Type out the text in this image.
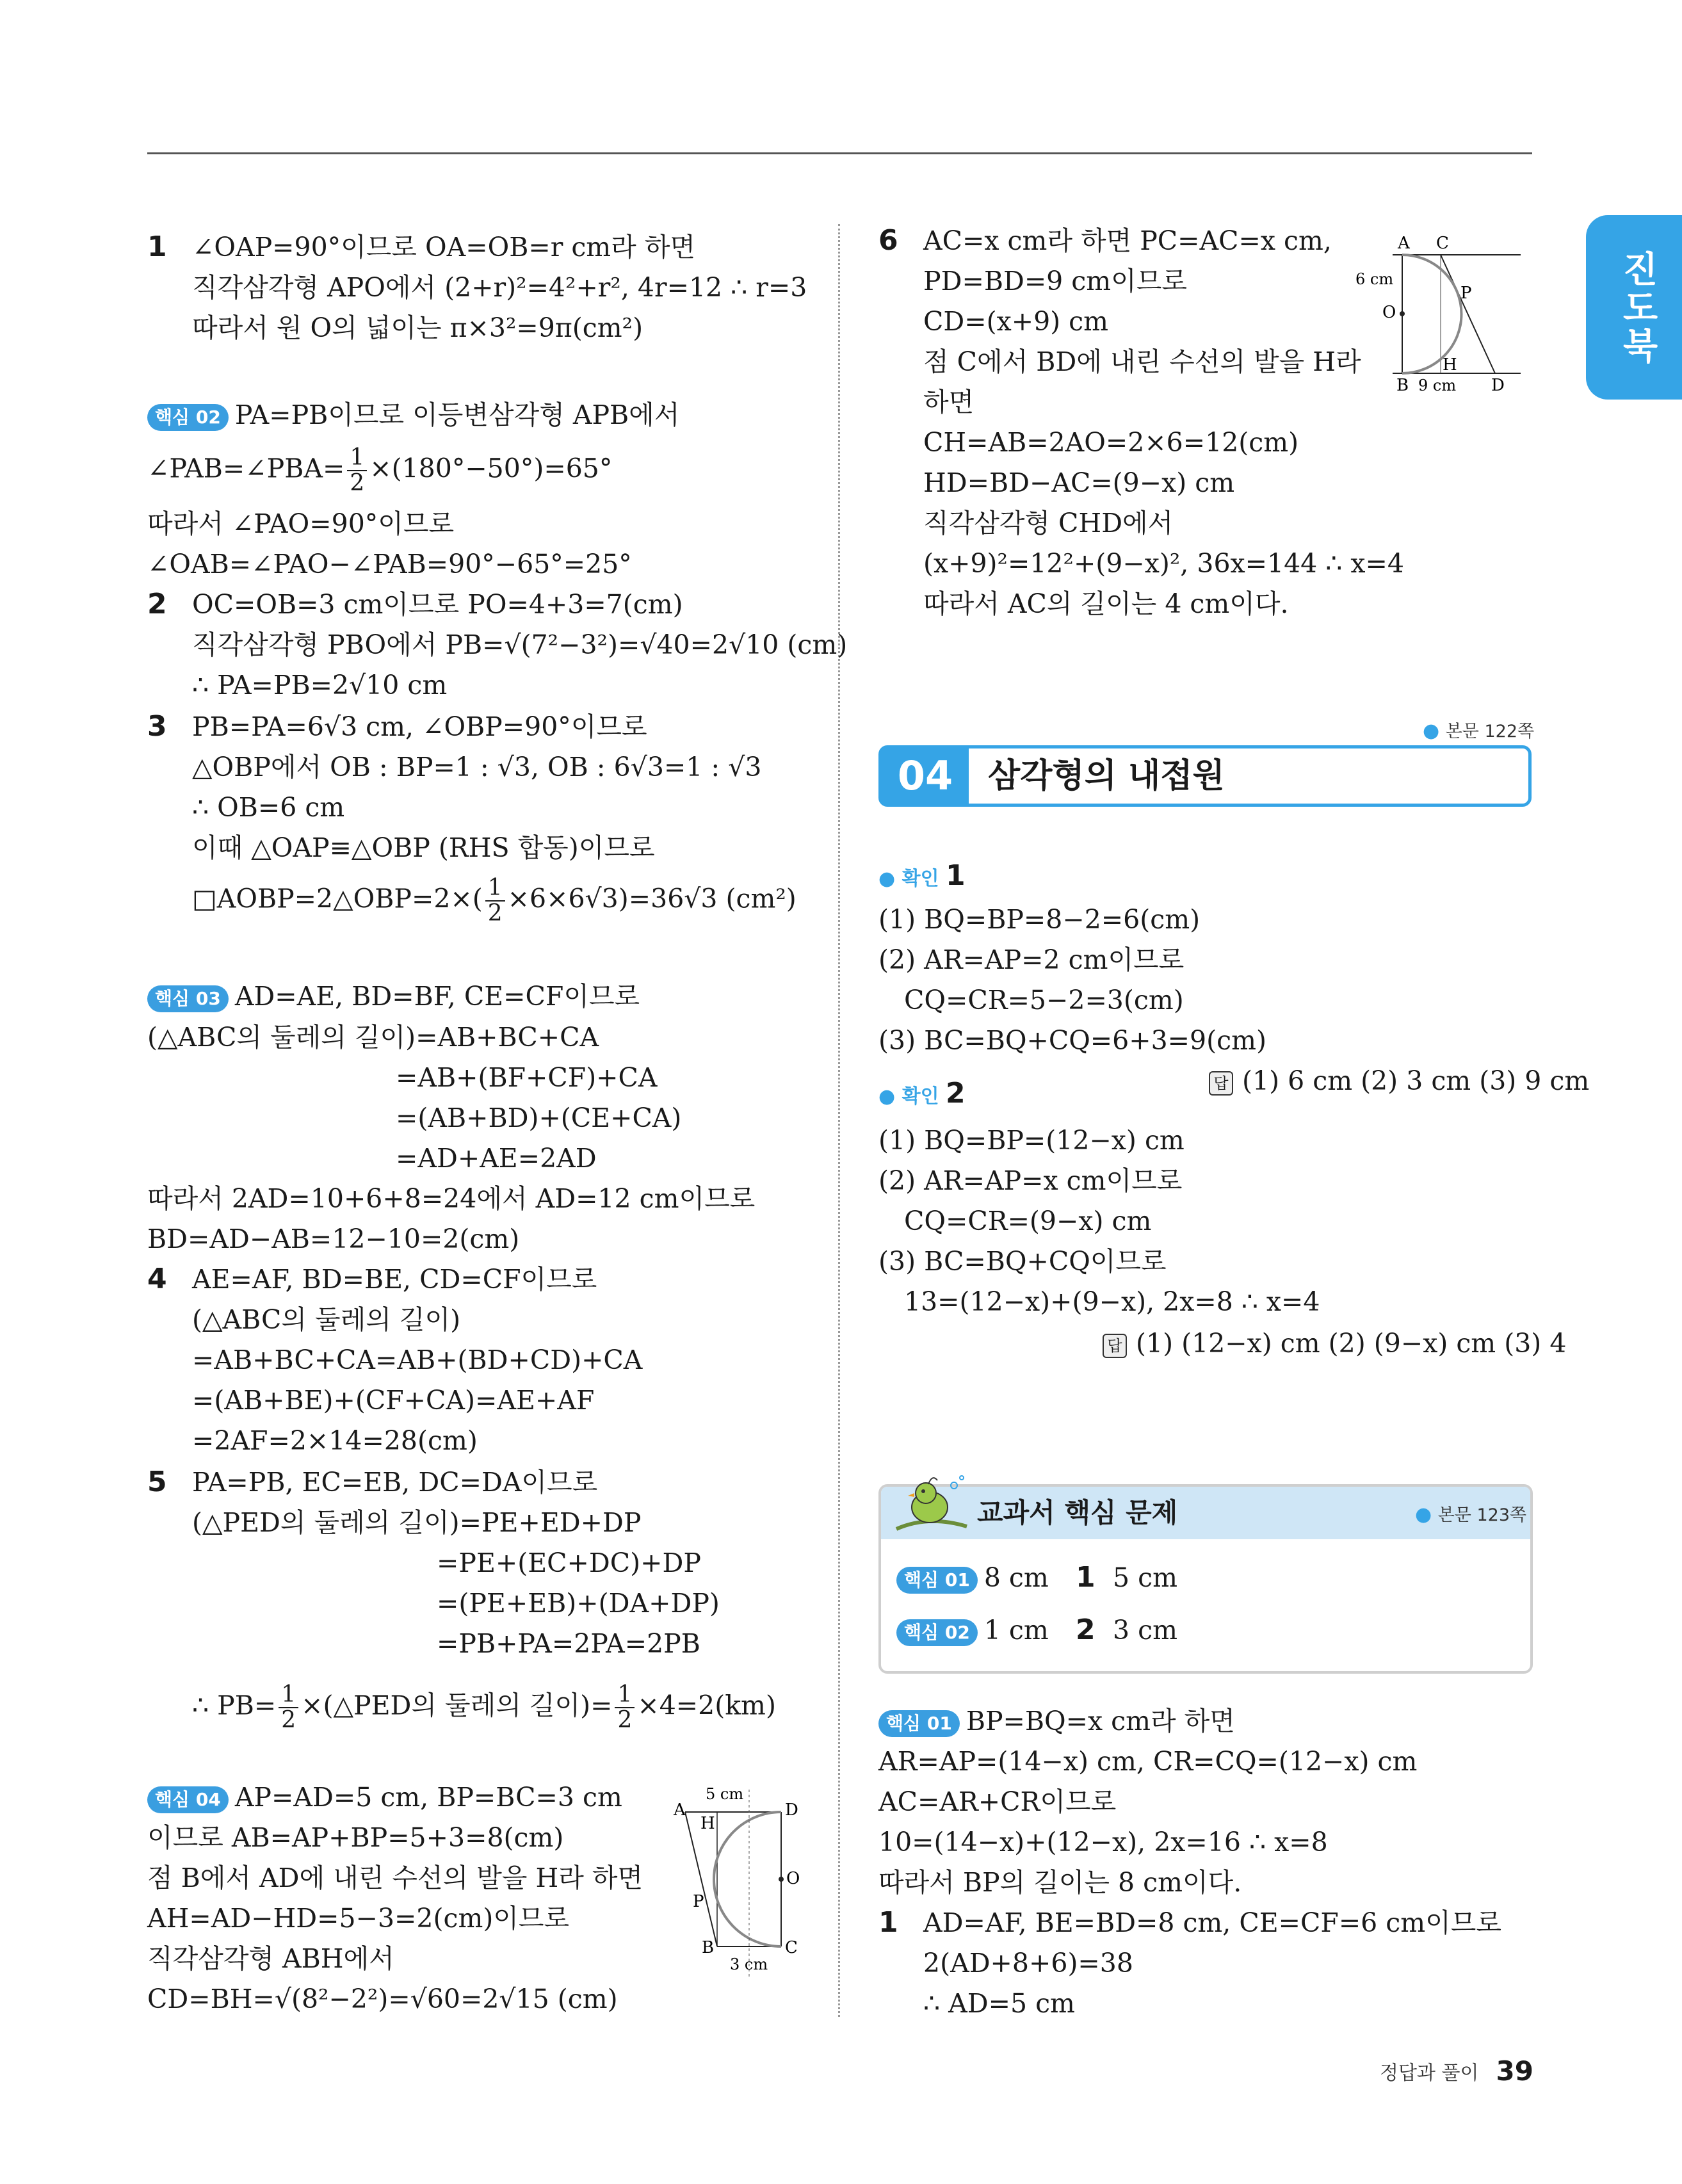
진도북
1 ∠OAP=90°이므로 OA=OB=r cm라 하면
직각삼각형 APO에서 (2+r)²=4²+r², 4r=12 ∴ r=3
따라서 원 O의 넓이는 π×3²=9π(cm²)
핵심 02 PA=PB이므로 이등변삼각형 APB에서
∠PAB=∠PBA= $\frac{1}{2} \times(180^\circ-50^\circ)=65^\circ$
따라서 ∠PAO=90°이므로
∠OAB=∠PAO−∠PAB=90°−65°=25°
2 OC=OB=3 cm이므로 PO=4+3=7(cm)
직각삼각형 PBO에서 PB=√(7²−3²)=√40=2√10 (cm)
∴ PA=PB=2√10 cm
3 PB=PA=6√3 cm, ∠OBP=90°이므로
△OBP에서 OB : BP=1 : √3, OB : 6√3=1 : √3
∴ OB=6 cm
이때 △OAP≡△OBP (RHS 합동)이므로
□AOBP=2△OBP=2×( $\frac{1}{2} \times 6\times 6√3)=36√3$ (cm²)
핵심 03 AD=AE, BD=BF, CE=CF이므로
(△ABC의 둘레의 길이)=AB+BC+CA
=AB+(BF+CF)+CA
=(AB+BD)+(CE+CA)
=AD+AE=2AD
따라서 2AD=10+6+8=24에서 AD=12 cm이므로
BD=AD−AB=12−10=2(cm)
4 AE=AF, BD=BE, CD=CF이므로
(△ABC의 둘레의 길이)
=AB+BC+CA=AB+(BD+CD)+CA
=(AB+BE)+(CF+CA)=AE+AF
=2AF=2×14=28(cm)
5 PA=PB, EC=EB, DC=DA이므로
(△PED의 둘레의 길이)=PE+ED+DP
=PE+(EC+DC)+DP
=(PE+EB)+(DA+DP)
=PB+PA=2PA=2PB
∴ $PB= \frac{1}{2}$ ×(△PED의 둘레의 길이)= $\frac{1}{2} \times 4=2(km)$
핵심 04 AP=AD=5 cm, BP=BC=3 cm
이므로 AB=AP+BP=5+3=8(cm)
점 B에서 AD에 내린 수선의 발을 H라 하면
AH=AD−HD=5−3=2(cm)이므로
직각삼각형 ABH에서
CD=BH=√(8²−2²)=√60=2√15 (cm)
A	D
H
O
P
B	C
5 cm
3 cm
6 AC=x cm라 하면 PC=AC=x cm,
PD=BD=9 cm이므로
CD=(x+9) cm
점 C에서 BD에 내린 수선의 발을 H라
하면
CH=AB=2AO=2×6=12(cm)
HD=BD−AC=(9−x) cm
직각삼각형 CHD에서
(x+9)²=12²+(9−x)², 36x=144 ∴ x=4
따라서 AC의 길이는 4 cm이다.
A C
P
O
B
H
D
6 cm
9 cm
● 본문 122쪽
04	삼각형의 내접원
● 확인 1
(1) BQ=BP=8−2=6(cm)
(2) AR=AP=2 cm이므로
CQ=CR=5−2=3(cm)
(3) BC=BQ+CQ=6+3=9(cm)
답 (1) 6 cm (2) 3 cm (3) 9 cm
● 확인 2
(1) BQ=BP=(12−x) cm
(2) AR=AP=x cm이므로
CQ=CR=(9−x) cm
(3) BC=BQ+CQ이므로
13=(12−x)+(9−x), 2x=8 ∴ x=4
답 (1) (12−x) cm (2) (9−x) cm (3) 4
교과서 핵심 문제	● 본문 123쪽
핵심 01 8 cm 1 5 cm
핵심 02 1 cm 2 3 cm
핵심 01 BP=BQ=x cm라 하면
AR=AP=(14−x) cm, CR=CQ=(12−x) cm
AC=AR+CR이므로
10=(14−x)+(12−x), 2x=16 ∴ x=8
따라서 BP의 길이는 8 cm이다.
1 AD=AF, BE=BD=8 cm, CE=CF=6 cm이므로
2(AD+8+6)=38
∴ AD=5 cm
정답과 풀이 39
